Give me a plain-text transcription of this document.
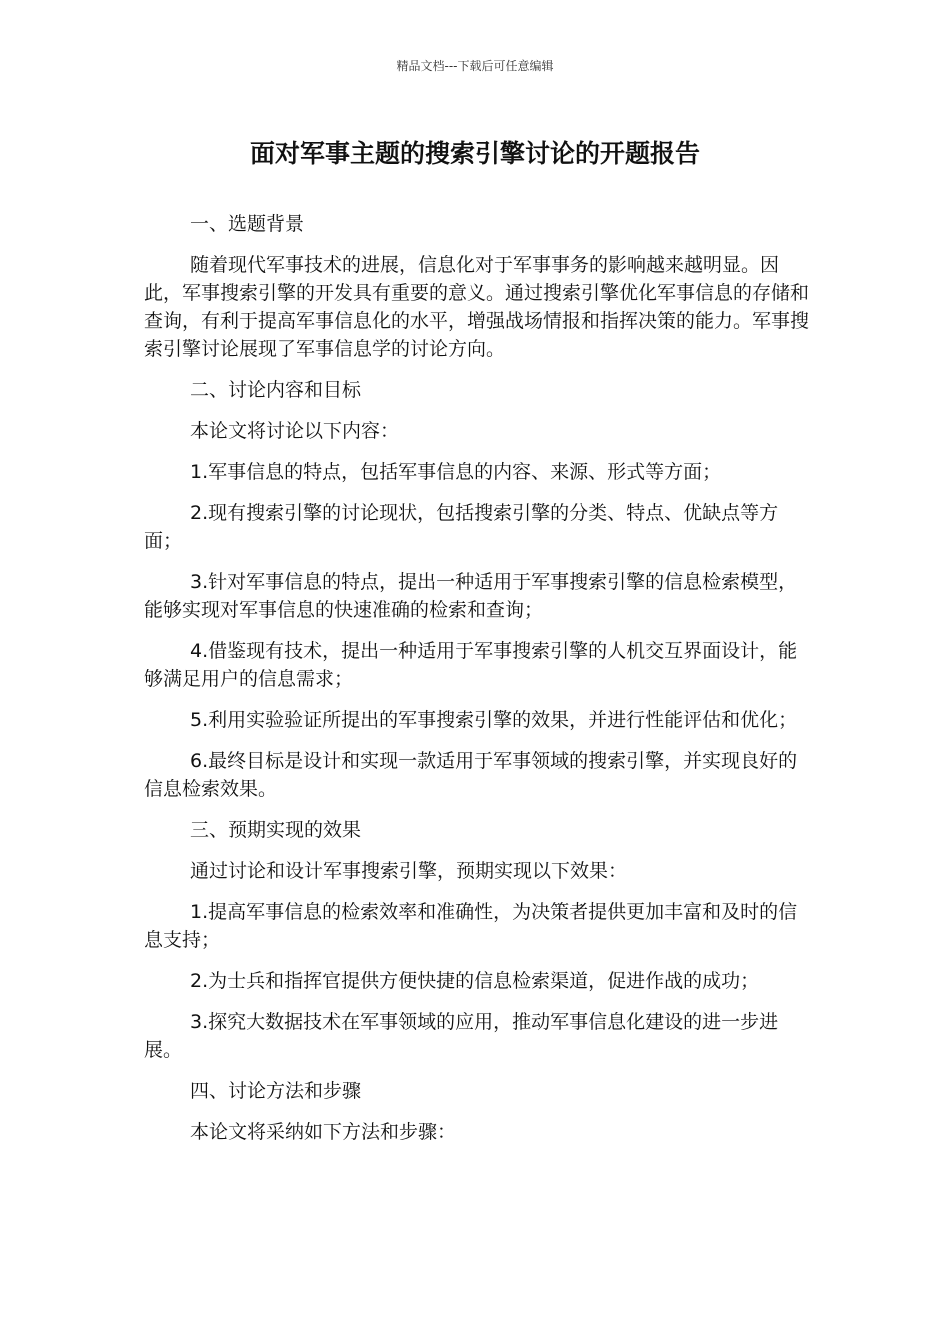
精品文档---下载后可任意编辑
面对军事主题的搜索引擎讨论的开题报告

一、选题背景

随着现代军事技术的进展，信息化对于军事事务的影响越来越明显。因此，军事搜索引擎的开发具有重要的意义。通过搜索引擎优化军事信息的存储和查询，有利于提高军事信息化的水平，增强战场情报和指挥决策的能力。军事搜索引擎讨论展现了军事信息学的讨论方向。

二、讨论内容和目标

本论文将讨论以下内容：

1.军事信息的特点，包括军事信息的内容、来源、形式等方面；

2.现有搜索引擎的讨论现状，包括搜索引擎的分类、特点、优缺点等方面；

3.针对军事信息的特点，提出一种适用于军事搜索引擎的信息检索模型，能够实现对军事信息的快速准确的检索和查询；

4.借鉴现有技术，提出一种适用于军事搜索引擎的人机交互界面设计，能够满足用户的信息需求；

5.利用实验验证所提出的军事搜索引擎的效果，并进行性能评估和优化；

6.最终目标是设计和实现一款适用于军事领域的搜索引擎，并实现良好的信息检索效果。

三、预期实现的效果

通过讨论和设计军事搜索引擎，预期实现以下效果：

1.提高军事信息的检索效率和准确性，为决策者提供更加丰富和及时的信息支持；

2.为士兵和指挥官提供方便快捷的信息检索渠道，促进作战的成功；

3.探究大数据技术在军事领域的应用，推动军事信息化建设的进一步进展。

四、讨论方法和步骤

本论文将采纳如下方法和步骤：
